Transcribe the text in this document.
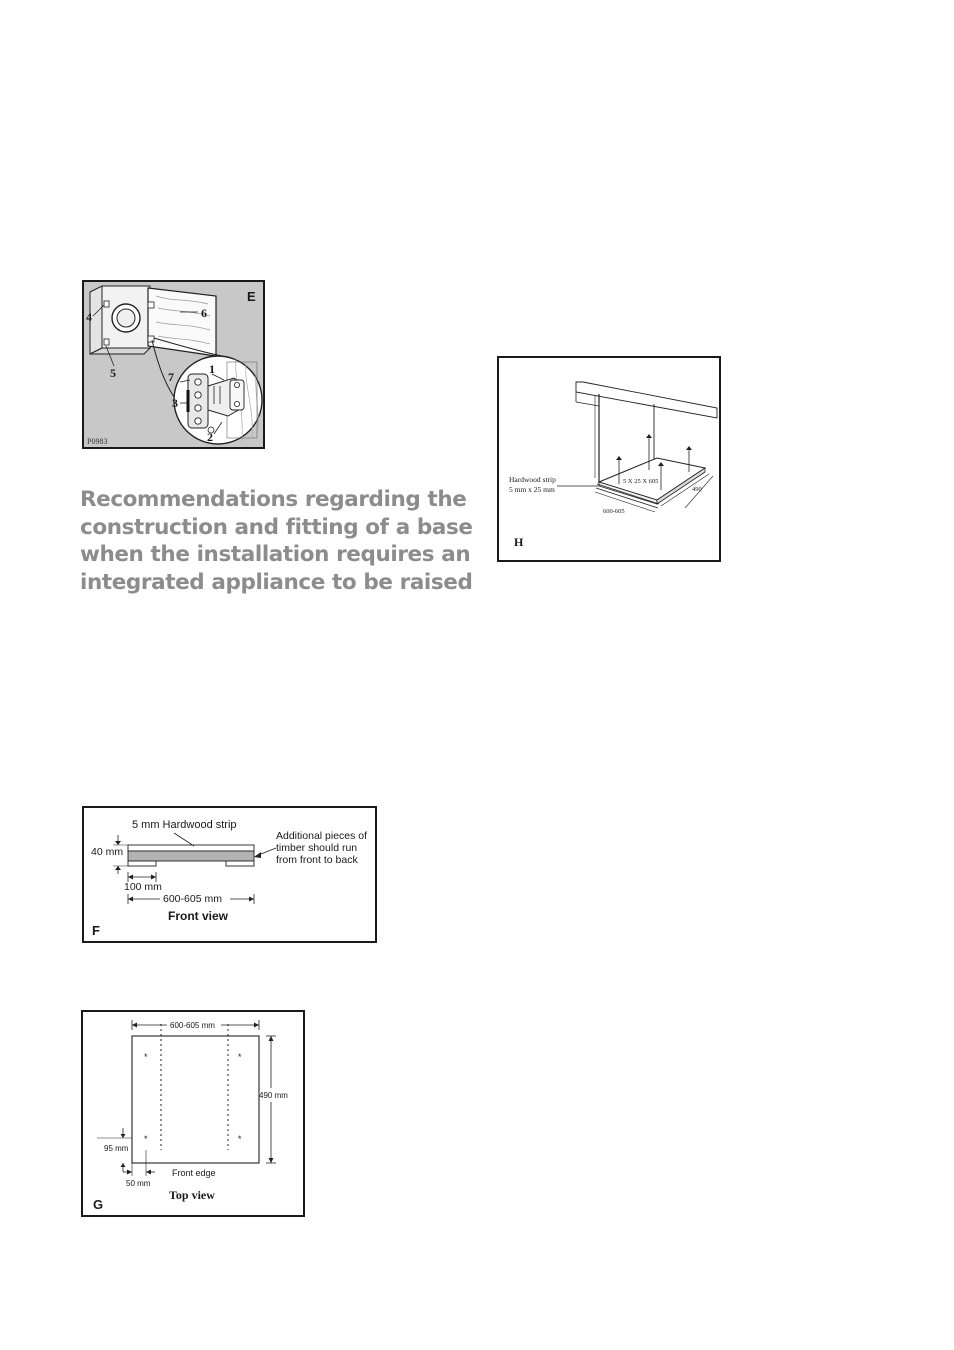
E
4
5
6
1
7
3
2
P0983
Recommendations regarding the
construction and fitting of a base
when the installation requires an
integrated appliance to be raised
Hardwood strip
5 mm x 25 mm
5 X 25 X 605
600-605
490
H
5 mm Hardwood strip
Additional pieces of
timber should run
from front to back
40 mm
100 mm
600-605 mm
Front view
F
*	*
*	*
600-605 mm
490 mm
95 mm
Front edge
50 mm
Top view
G
